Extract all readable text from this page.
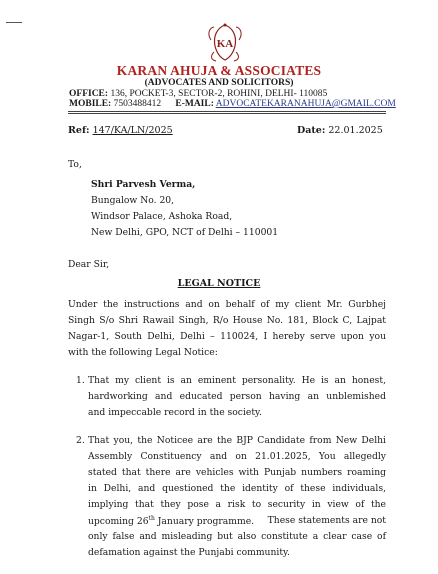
KA
KARAN AHUJA & ASSOCIATES
(ADVOCATES AND SOLICITORS)
OFFICE: 136, POCKET-3, SECTOR-2, ROHINI, DELHI- 110085
MOBILE: 7503488412 E-MAIL: ADVOCATEKARANAHUJA@GMAIL.COM
Ref: 147/KA/LN/2025	Date: 22.01.2025
To,
Shri Parvesh Verma,
Bungalow No. 20,
Windsor Palace, Ashoka Road,
New Delhi, GPO, NCT of Delhi – 110001
Dear Sir,
LEGAL NOTICE
Under the instructions and on behalf of my client Mr. Gurbhej
Singh S/o Shri Rawail Singh, R/o House No. 181, Block C, Lajpat
Nagar-1, South Delhi, Delhi – 110024, I hereby serve upon you
with the following Legal Notice:
1. That my client is an eminent personality. He is an honest,
hardworking and educated person having an unblemished
and impeccable record in the society.
2. That you, the Noticee are the BJP Candidate from New Delhi
Assembly Constituency and on 21.01.2025, You allegedly
stated that there are vehicles with Punjab numbers roaming
in Delhi, and questioned the identity of these individuals,
implying that they pose a risk to security in view of the
upcoming 26th January programme. These statements are not
only false and misleading but also constitute a clear case of
defamation against the Punjabi community.
